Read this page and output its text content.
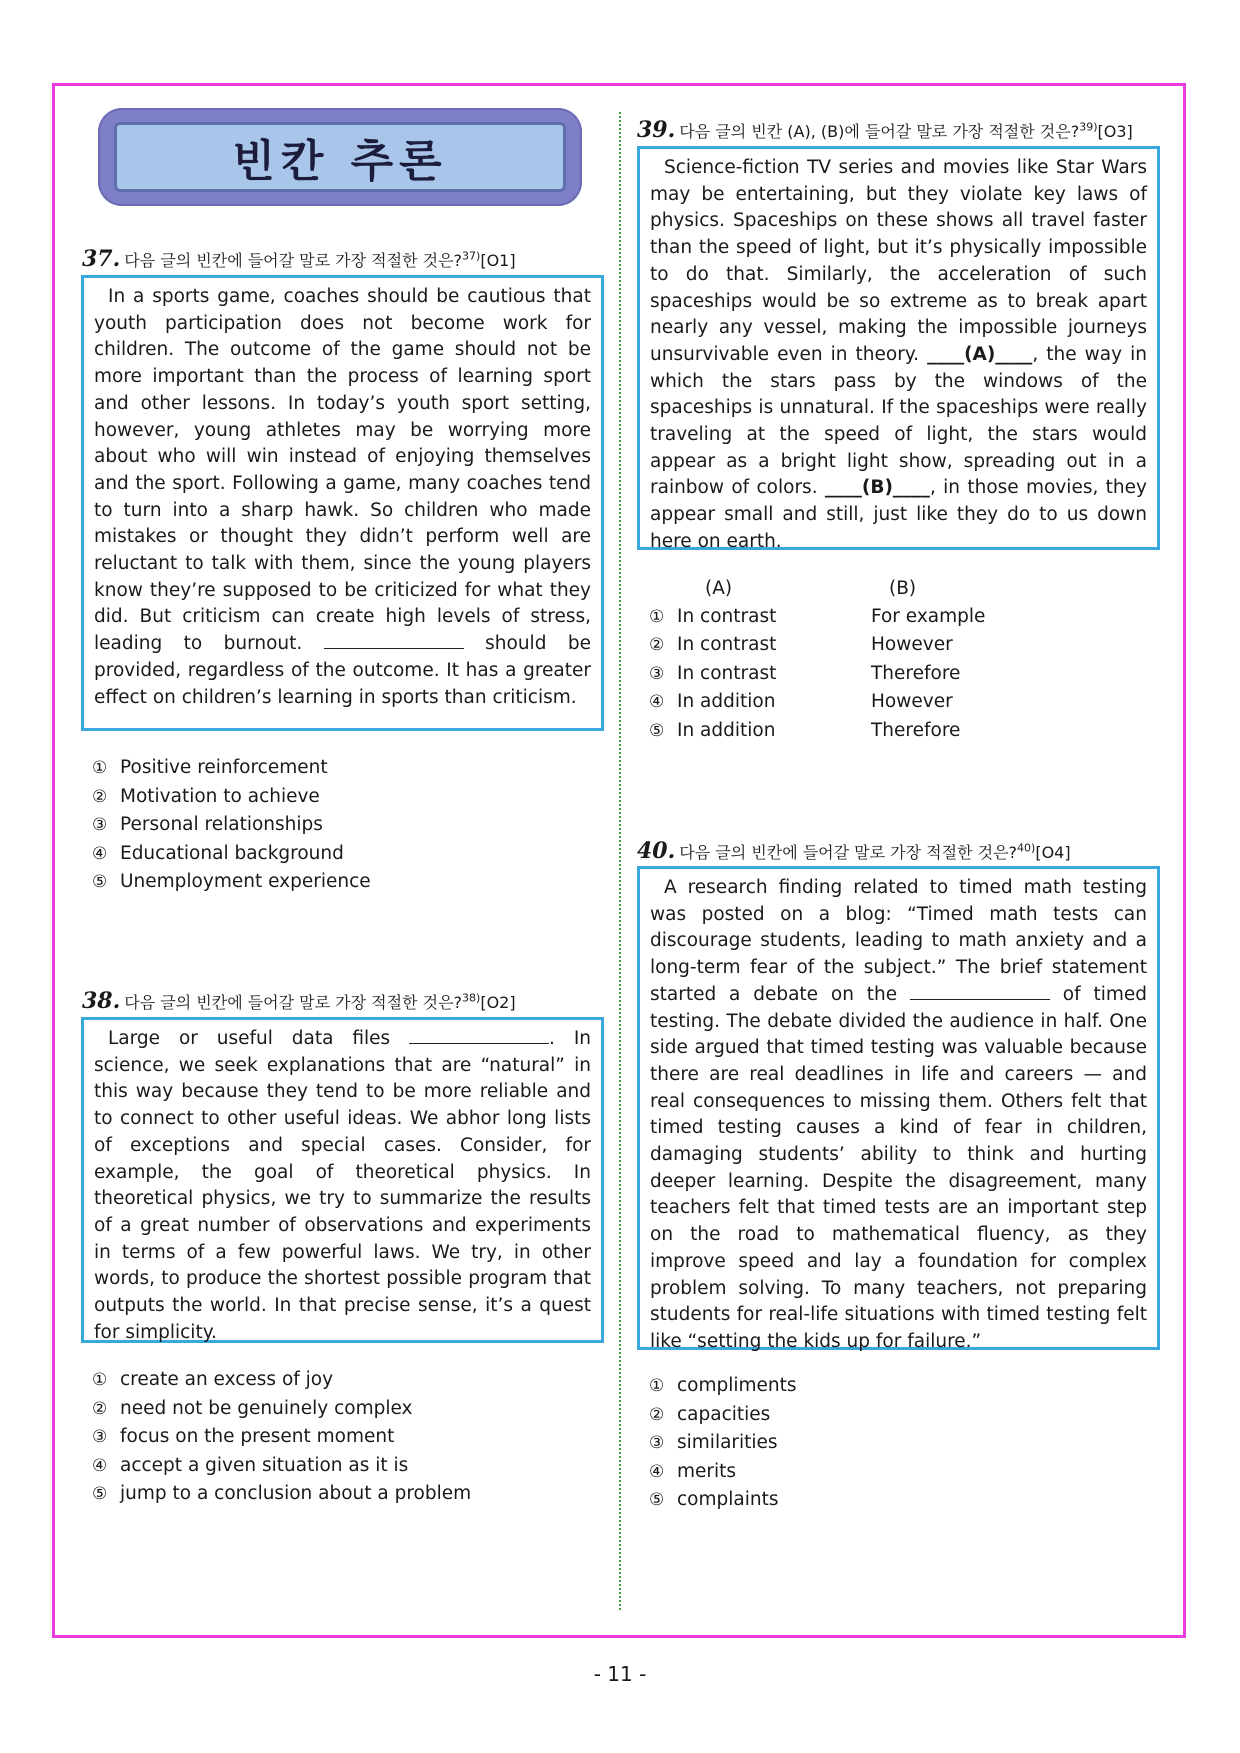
빈칸 추론
37. 다음 글의 빈칸에 들어갈 말로 가장 적절한 것은?$^{37)}$[O1]

In a sports game, coaches should be cautious that youth participation does not become work for children. The outcome of the game should not be more important than the process of learning sport and other lessons. In today’s youth sport setting, however, young athletes may be worrying more about who will win instead of enjoying themselves and the sport. Following a game, many coaches tend to turn into a sharp hawk. So children who made mistakes or thought they didn’t perform well are reluctant to talk with them, since the young players know they’re supposed to be criticized for what they did. But criticism can create high levels of stress, leading to burnout.	should be provided, regardless of the outcome. It has a greater effect on children’s learning in sports than criticism.

① Positive reinforcement
② Motivation to achieve
③ Personal relationships
④ Educational background
⑤ Unemployment experience
38. 다음 글의 빈칸에 들어갈 말로 가장 적절한 것은?$^{38)}$[O2]

Large or useful data files	. In science, we seek explanations that are “natural” in this way because they tend to be more reliable and to connect to other useful ideas. We abhor long lists of exceptions and special cases. Consider, for example, the goal of theoretical physics. In theoretical physics, we try to summarize the results of a great number of observations and experiments in terms of a few powerful laws. We try, in other words, to produce the shortest possible program that outputs the world. In that precise sense, it’s a quest for simplicity.

① create an excess of joy
② need not be genuinely complex
③ focus on the present moment
④ accept a given situation as it is
⑤ jump to a conclusion about a problem
39. 다음 글의 빈칸 (A), (B)에 들어갈 말로 가장 적절한 것은?$^{39)}$[O3]

Science-fiction TV series and movies like Star Wars may be entertaining, but they violate key laws of physics. Spaceships on these shows all travel faster than the speed of light, but it’s physically impossible to do that. Similarly, the acceleration of such spaceships would be so extreme as to break apart nearly any vessel, making the impossible journeys unsurvivable even in theory. ____(A)____, the way in which the stars pass by the windows of the spaceships is unnatural. If the spaceships were really traveling at the speed of light, the stars would appear as a bright light show, spreading out in a rainbow of colors. ____(B)____, in those movies, they appear small and still, just like they do to us down here on earth.

(A)	(B)
① In contrast	For example
② In contrast	However
③ In contrast	Therefore
④ In addition	However
⑤ In addition	Therefore
40. 다음 글의 빈칸에 들어갈 말로 가장 적절한 것은?$^{40)}$[O4]

A research finding related to timed math testing was posted on a blog: “Timed math tests can discourage students, leading to math anxiety and a long-term fear of the subject.” The brief statement started a debate on the	of timed testing. The debate divided the audience in half. One side argued that timed testing was valuable because there are real deadlines in life and careers — and real consequences to missing them. Others felt that timed testing causes a kind of fear in children, damaging students’ ability to think and hurting deeper learning. Despite the disagreement, many teachers felt that timed tests are an important step on the road to mathematical fluency, as they improve speed and lay a foundation for complex problem solving. To many teachers, not preparing students for real-life situations with timed testing felt like “setting the kids up for failure.”

① compliments
② capacities
③ similarities
④ merits
⑤ complaints
- 11 -
